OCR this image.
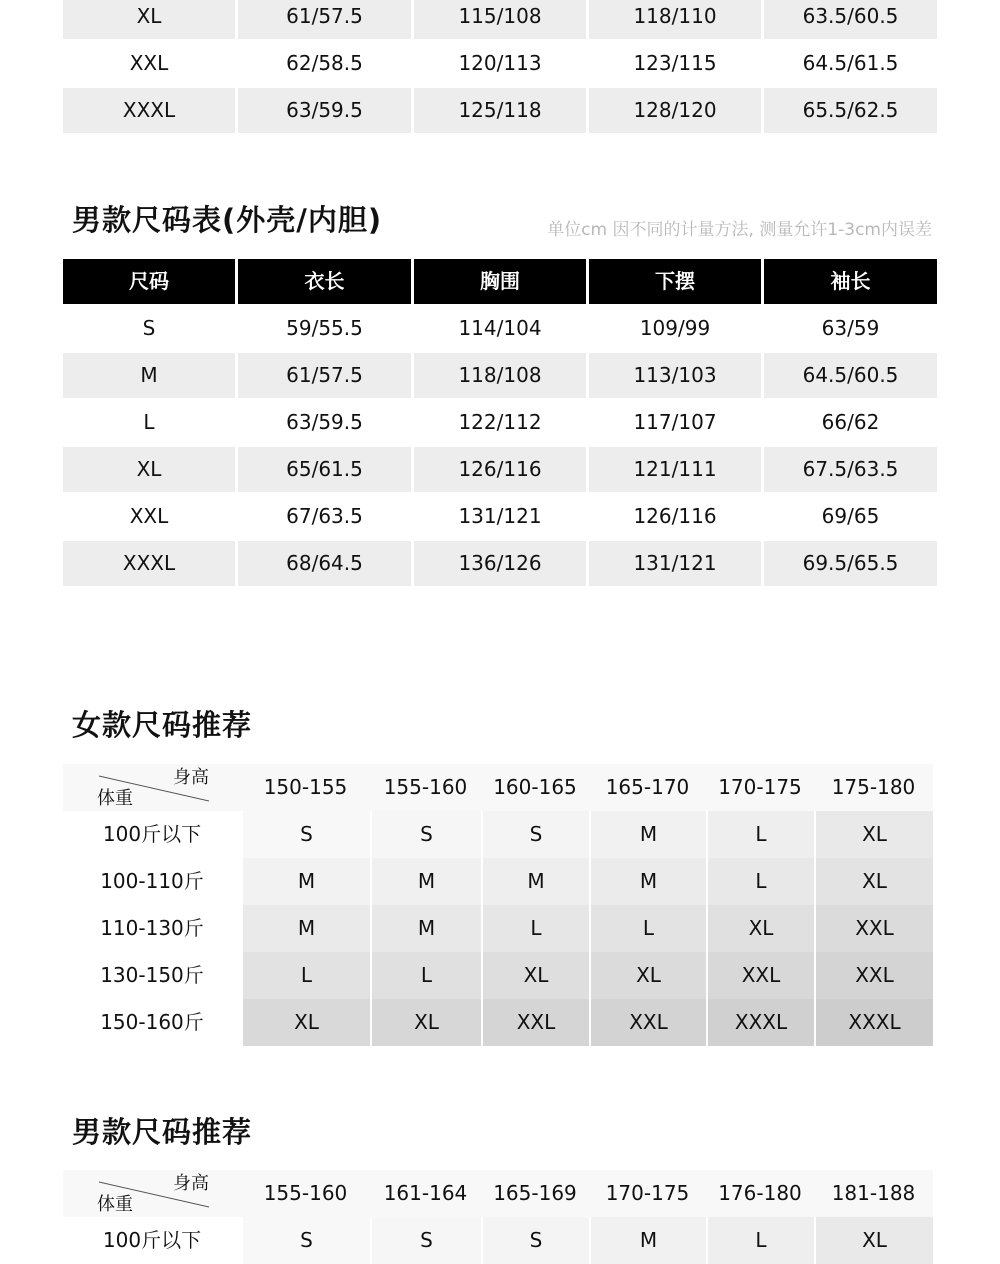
XL	61/57.5	115/108	118/110	63.5/60.5
XXL	62/58.5	120/113	123/115	64.5/61.5
XXXL	63/59.5	125/118	128/120	65.5/62.5
男款尺码表(外壳/内胆)	单位cm 因不同的计量方法, 测量允许1-3cm内误差
尺码	衣长	胸围	下摆	袖长
S	59/55.5	114/104	109/99	63/59
M	61/57.5	118/108	113/103	64.5/60.5
L	63/59.5	122/112	117/107	66/62
XL	65/61.5	126/116	121/111	67.5/63.5
XXL	67/63.5	131/121	126/116	69/65
XXXL	68/64.5	136/126	131/121	69.5/65.5
女款尺码推荐
身高
体重	150-155	155-160	160-165	165-170	170-175	175-180
100斤以下	S	S	S	M	L	XL
100-110斤	M	M	M	M	L	XL
110-130斤	M	M	L	L	XL	XXL
130-150斤	L	L	XL	XL	XXL	XXL
150-160斤	XL	XL	XXL	XXL	XXXL	XXXL
男款尺码推荐
身高
体重	155-160	161-164	165-169	170-175	176-180	181-188
100斤以下	S	S	S	M	L	XL
